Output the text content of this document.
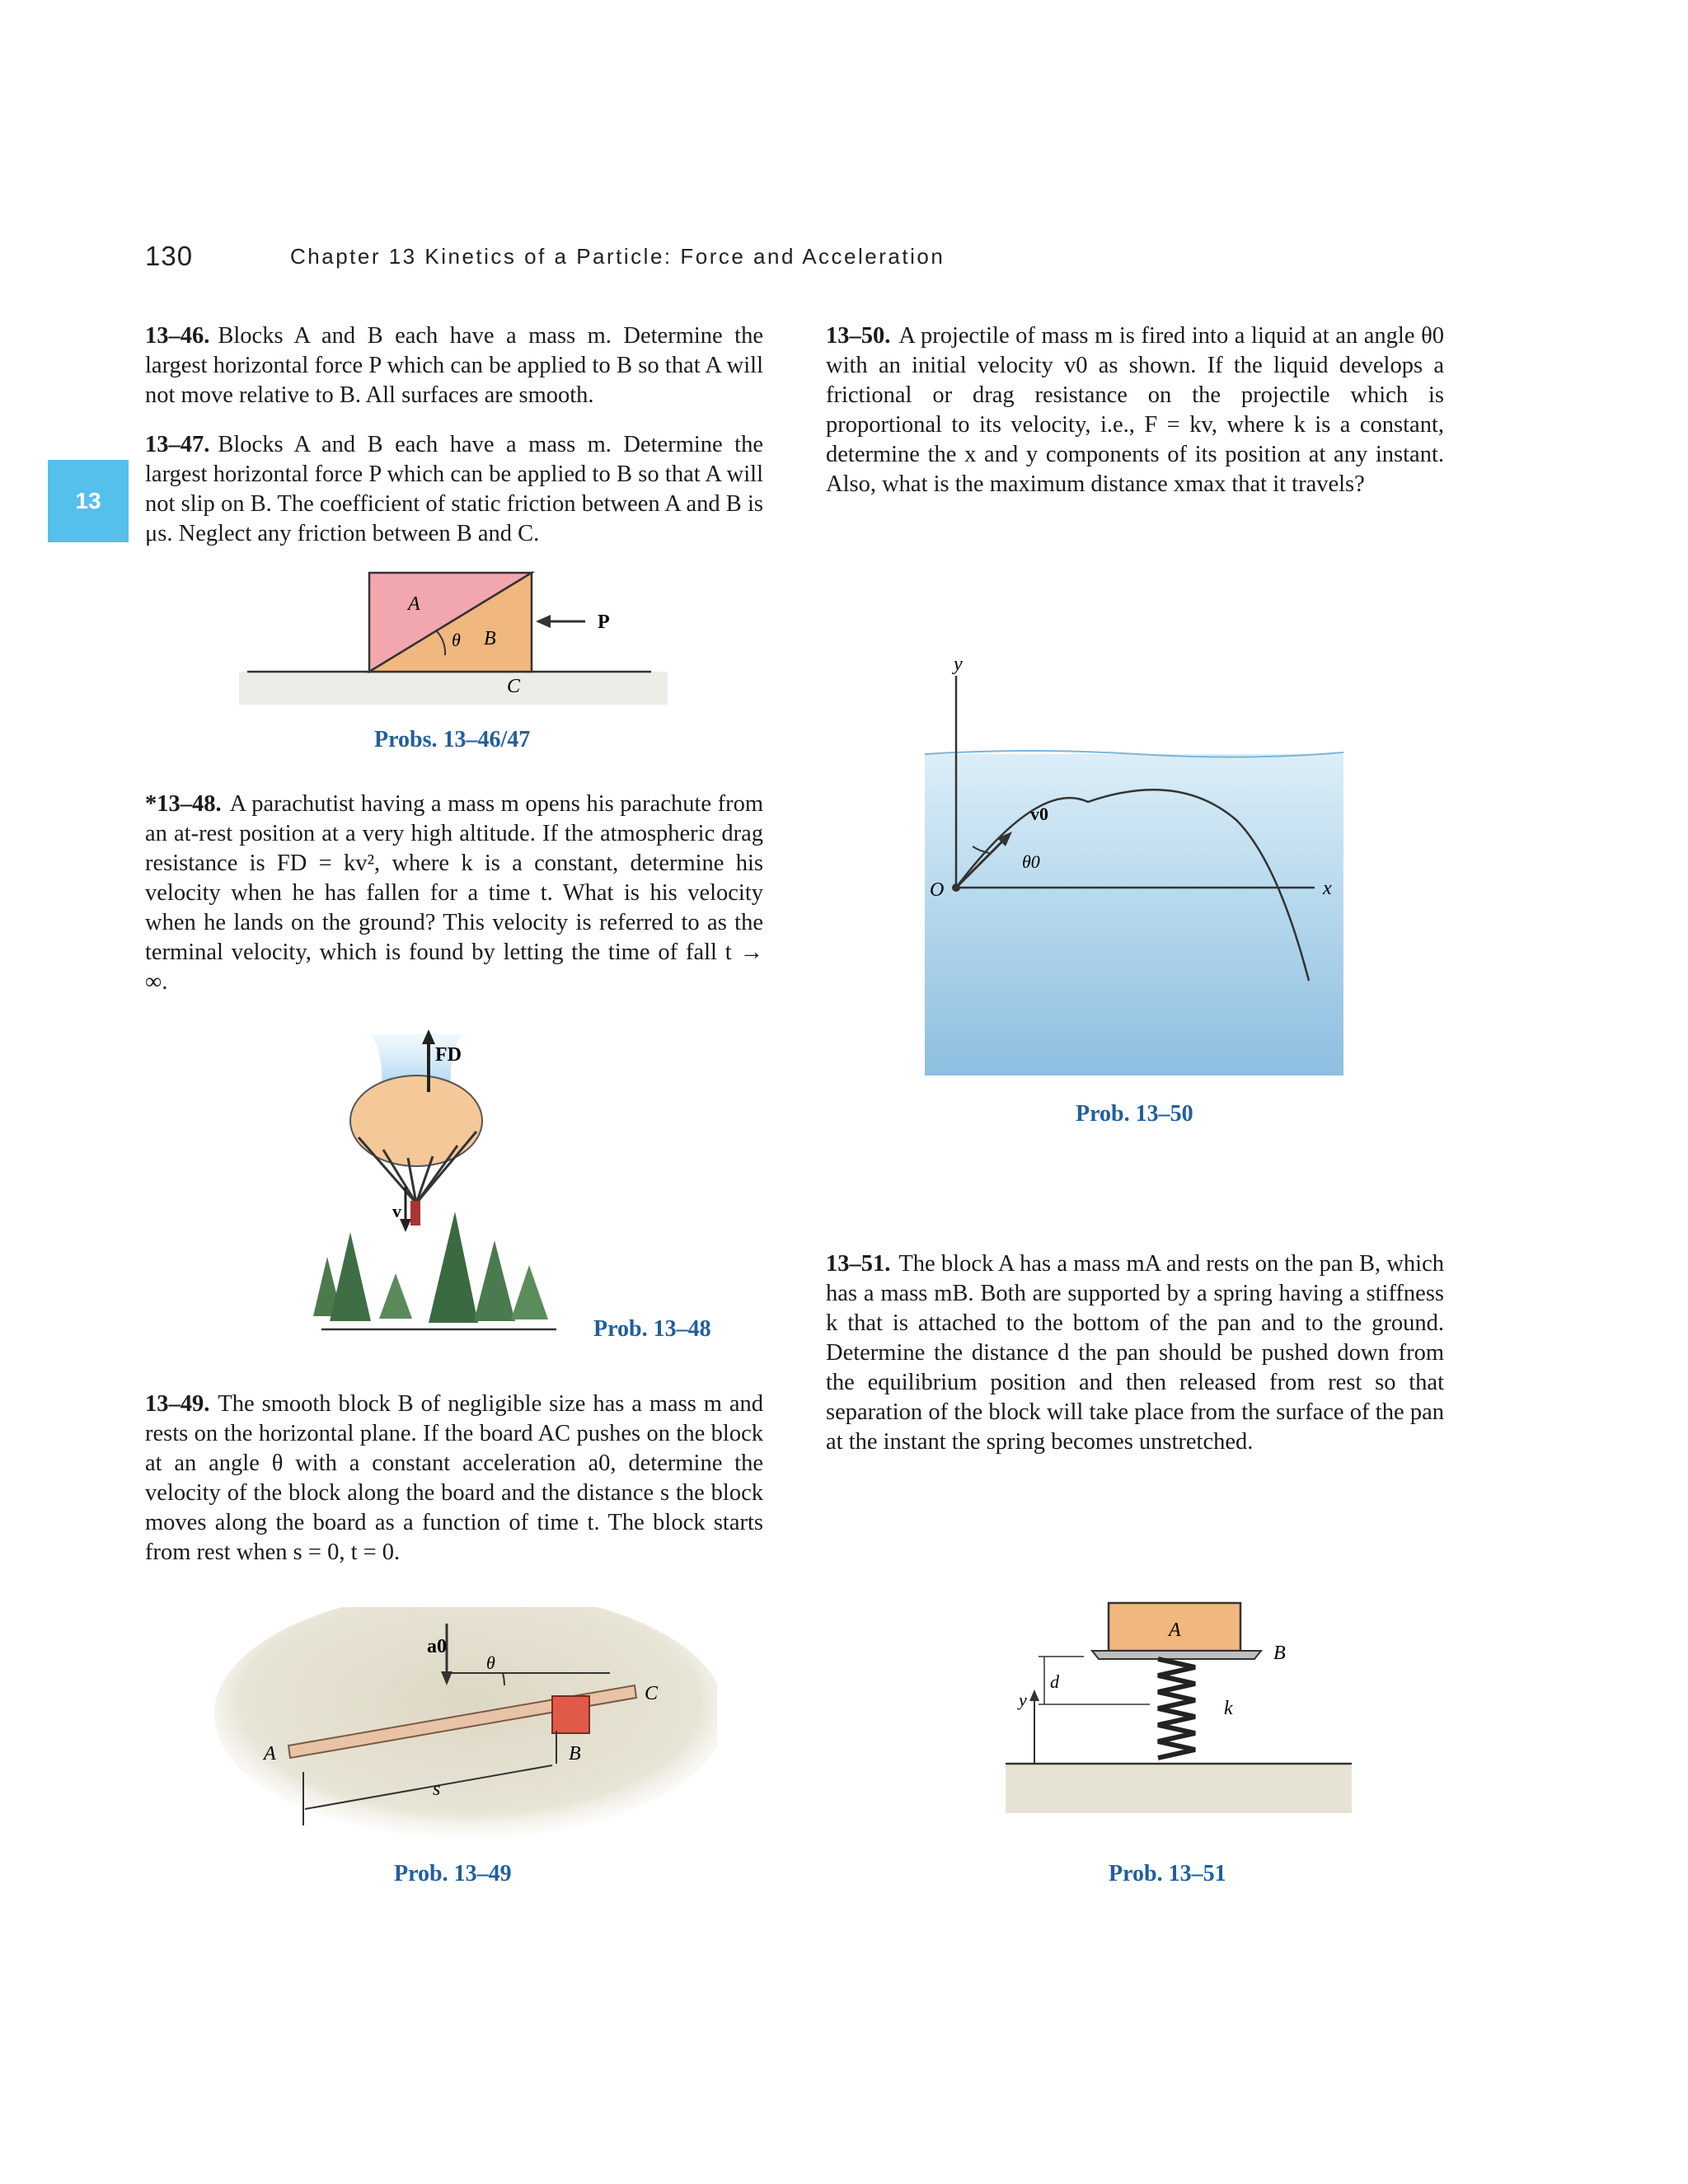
130	Chapter 13 Kinetics of a Particle: Force and Acceleration
13
13–46. Blocks A and B each have a mass m. Determine the largest horizontal force P which can be applied to B so that A will not move relative to B. All surfaces are smooth.
13–47. Blocks A and B each have a mass m. Determine the largest horizontal force P which can be applied to B so that A will not slip on B. The coefficient of static friction between A and B is μs. Neglect any friction between B and C.
A
B
θ
P
C
Probs. 13–46/47
*13–48. A parachutist having a mass m opens his parachute from an at-rest position at a very high altitude. If the atmospheric drag resistance is FD = kv², where k is a constant, determine his velocity when he has fallen for a time t. What is his velocity when he lands on the ground? This velocity is referred to as the terminal velocity, which is found by letting the time of fall t → ∞.
FD
v
Prob. 13–48
13–49. The smooth block B of negligible size has a mass m and rests on the horizontal plane. If the board AC pushes on the block at an angle θ with a constant acceleration a0, determine the velocity of the block along the board and the distance s the block moves along the board as a function of time t. The block starts from rest when s = 0, t = 0.
a0
θ
A	B
C
s
Prob. 13–49
13–50. A projectile of mass m is fired into a liquid at an angle θ0 with an initial velocity v0 as shown. If the liquid develops a frictional or drag resistance on the projectile which is proportional to its velocity, i.e., F = kv, where k is a constant, determine the x and y components of its position at any instant. Also, what is the maximum distance xmax that it travels?
y
x
O
v0
θ0
Prob. 13–50
13–51. The block A has a mass mA and rests on the pan B, which has a mass mB. Both are supported by a spring having a stiffness k that is attached to the bottom of the pan and to the ground. Determine the distance d the pan should be pushed down from the equilibrium position and then released from rest so that separation of the block will take place from the surface of the pan at the instant the spring becomes unstretched.
A
B
k
y
d
Prob. 13–51
